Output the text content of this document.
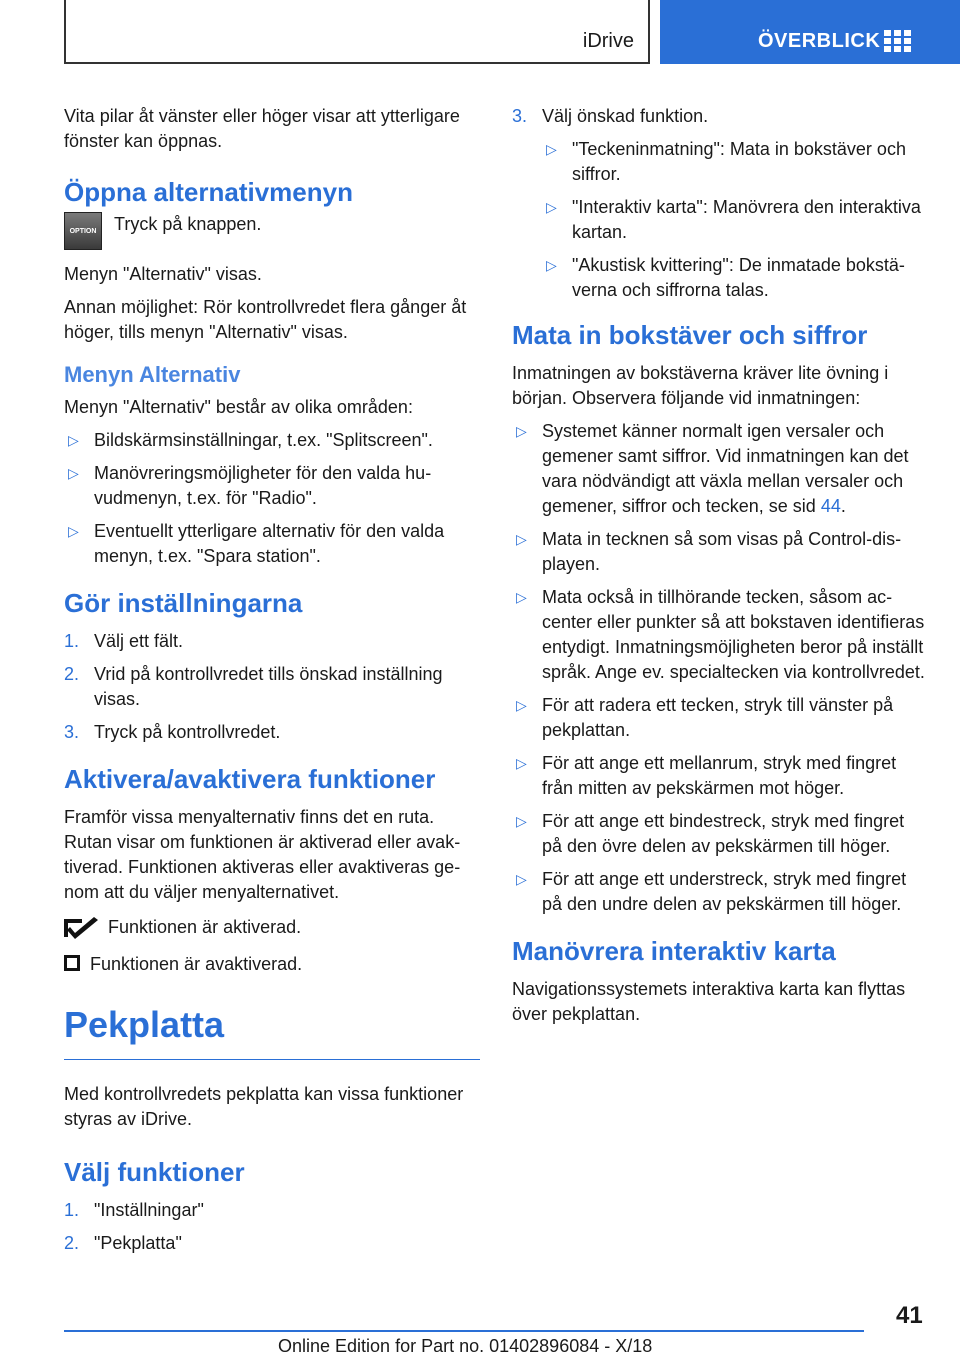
iDrive	ÖVERBLICK

Vita pilar åt vänster eller höger visar att ytterligare fönster kan öppnas.

Öppna alternativmenyn
OPTION Tryck på knappen.

Menyn "Alternativ" visas.

Annan möjlighet: Rör kontrollvredet flera gånger åt höger, tills menyn "Alternativ" visas.

Menyn Alternativ

Menyn "Alternativ" består av olika områden:

▷ Bildskärmsinställningar, t.ex. "Splitscreen".
▷ Manövreringsmöjligheter för den valda huvudmenyn, t.ex. för "Radio".
▷ Eventuellt ytterligare alternativ för den valda menyn, t.ex. "Spara station".
Gör inställningarna
1. Välj ett fält.
2. Vrid på kontrollvredet tills önskad inställning visas.
3. Tryck på kontrollvredet.
Aktivera/avaktivera funktioner

Framför vissa menyalternativ finns det en ruta. Rutan visar om funktionen är aktiverad eller avaktiverad. Funktionen aktiveras eller avaktiveras genom att du väljer menyalternativet.

Funktionen är aktiverad.
Funktionen är avaktiverad.
Pekplatta

Med kontrollvredets pekplatta kan vissa funktioner styras av iDrive.

Välj funktioner
1. "Inställningar"
2. "Pekplatta"
3. Välj önskad funktion.
▷ "Teckeninmatning": Mata in bokstäver och siffror.
▷ "Interaktiv karta": Manövrera den interaktiva kartan.
▷ "Akustisk kvittering": De inmatade bokstäverna och siffrorna talas.
Mata in bokstäver och siffror

Inmatningen av bokstäverna kräver lite övning i början. Observera följande vid inmatningen:

▷ Systemet känner normalt igen versaler och gemener samt siffror. Vid inmatningen kan det vara nödvändigt att växla mellan versaler och gemener, siffror och tecken, se sid 44.
▷ Mata in tecknen så som visas på Control-displayen.
▷ Mata också in tillhörande tecken, såsom accenter eller punkter så att bokstaven identifieras entydigt. Inmatningsmöjligheten beror på inställt språk. Ange ev. specialtecken via kontrollvredet.
▷ För att radera ett tecken, stryk till vänster på pekplattan.
▷ För att ange ett mellanrum, stryk med fingret från mitten av pekskärmen mot höger.
▷ För att ange ett bindestreck, stryk med fingret på den övre delen av pekskärmen till höger.
▷ För att ange ett understreck, stryk med fingret på den undre delen av pekskärmen till höger.
Manövrera interaktiv karta

Navigationssystemets interaktiva karta kan flyttas över pekplattan.

41
Online Edition for Part no. 01402896084 - X/18
